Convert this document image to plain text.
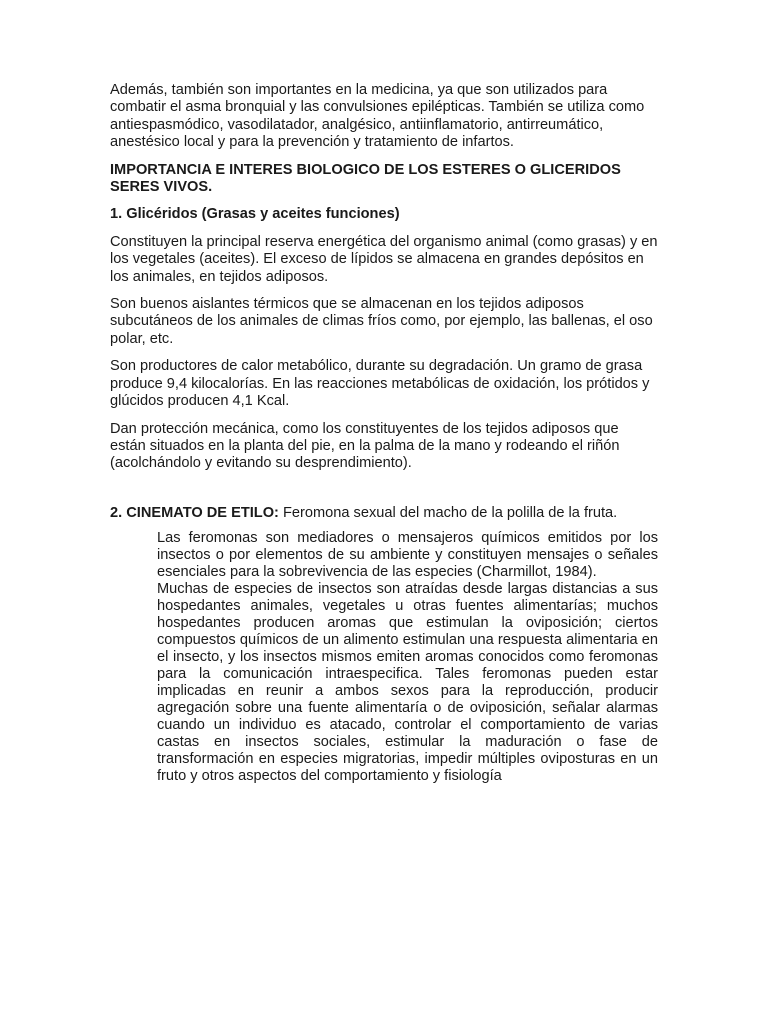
Además, también son importantes en la medicina, ya que son utilizados para combatir el asma bronquial y las convulsiones epilépticas. También se utiliza como antiespasmódico, vasodilatador, analgésico, antiinflamatorio, antirreumático, anestésico local y para la prevención y tratamiento de infartos.

IMPORTANCIA E INTERES BIOLOGICO DE LOS ESTERES O GLICERIDOS SERES VIVOS.

1. Glicéridos (Grasas y aceites funciones)

Constituyen la principal reserva energética del organismo animal (como grasas) y en los vegetales (aceites). El exceso de lípidos se almacena en grandes depósitos en los animales, en tejidos adiposos.

Son buenos aislantes térmicos que se almacenan en los tejidos adiposos subcutáneos de los animales de climas fríos como, por ejemplo, las ballenas, el oso polar, etc.

Son productores de calor metabólico, durante su degradación. Un gramo de grasa produce 9,4 kilocalorías. En las reacciones metabólicas de oxidación, los prótidos y glúcidos producen 4,1 Kcal.

Dan protección mecánica, como los constituyentes de los tejidos adiposos que están situados en la planta del pie, en la palma de la mano y rodeando el riñón (acolchándolo y evitando su desprendimiento).

2. CINEMATO DE ETILO: Feromona sexual del macho de la polilla de la fruta.

Las feromonas son mediadores o mensajeros químicos emitidos por los insectos o por elementos de su ambiente y constituyen mensajes o señales esenciales para la sobrevivencia de las especies (Charmillot, 1984).

Muchas de especies de insectos son atraídas desde largas distancias a sus hospedantes animales, vegetales u otras fuentes alimentarías; muchos hospedantes producen aromas que estimulan la oviposición; ciertos compuestos químicos de un alimento estimulan una respuesta alimentaria en el insecto, y los insectos mismos emiten aromas conocidos como feromonas para la comunicación intraespecifica. Tales feromonas pueden estar implicadas en reunir a ambos sexos para la reproducción, producir agregación sobre una fuente alimentaría o de oviposición, señalar alarmas cuando un individuo es atacado, controlar el comportamiento de varias castas en insectos sociales, estimular la maduración o fase de transformación en especies migratorias, impedir múltiples oviposturas en un fruto y otros aspectos del comportamiento y fisiología
